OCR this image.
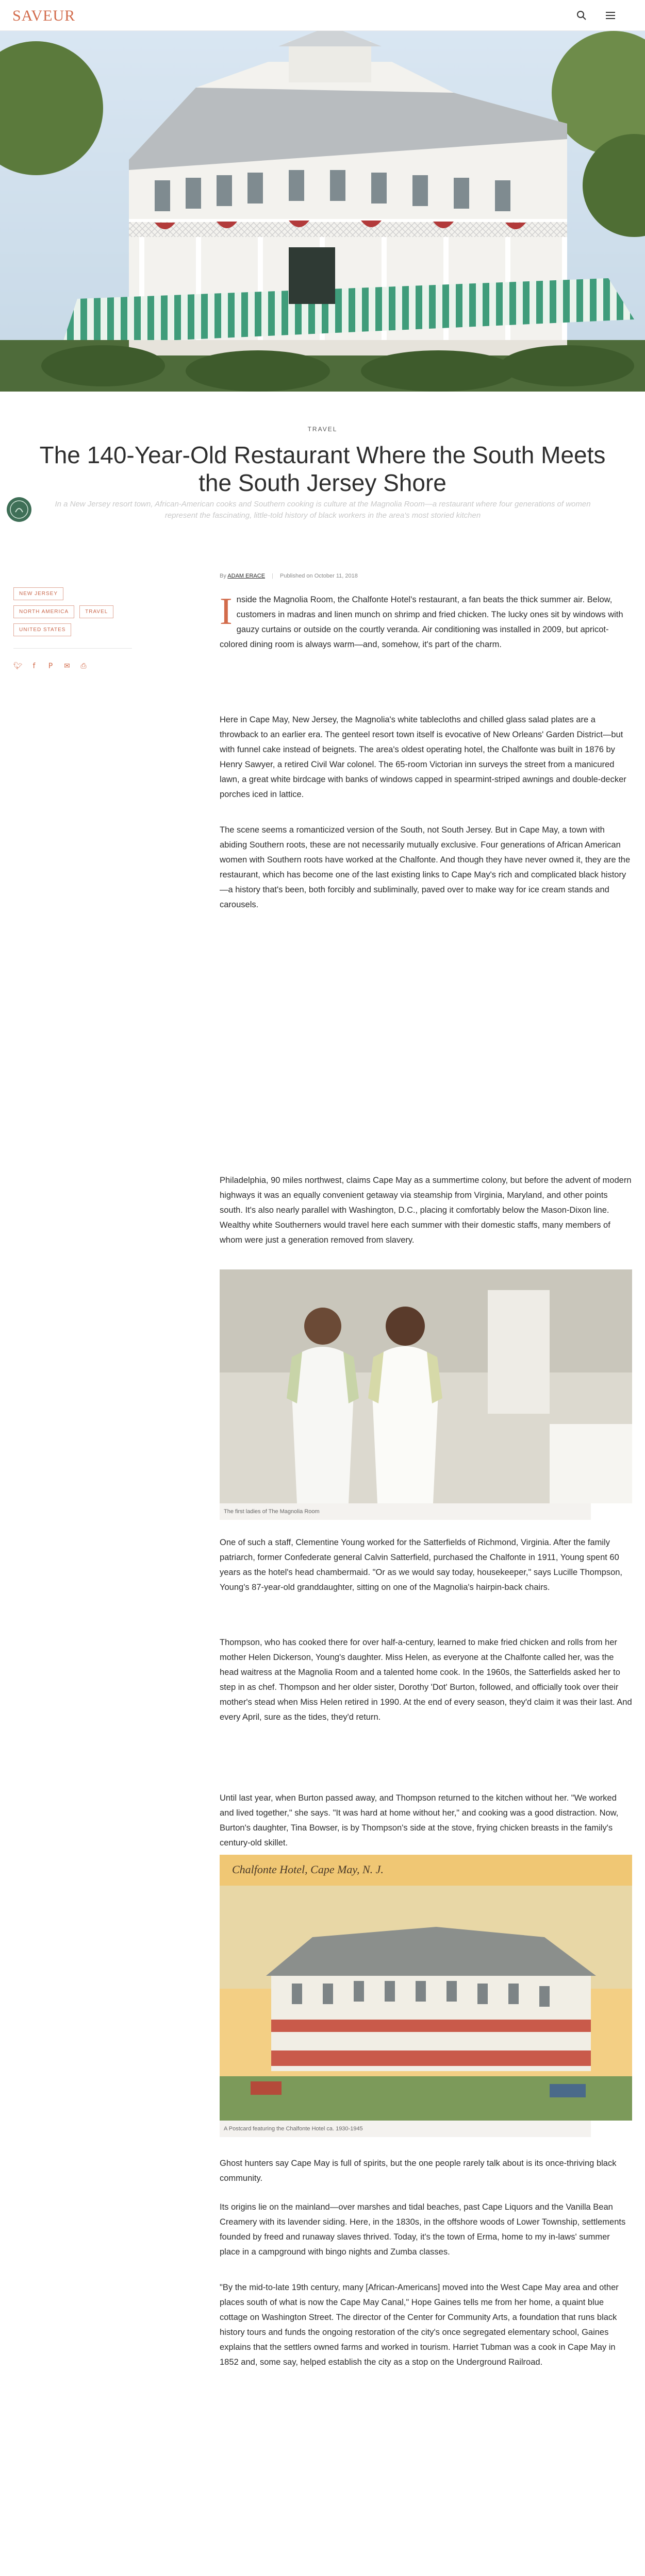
SAVEUR
TRAVEL
The 140-Year-Old Restaurant Where the South Meets the South Jersey Shore

In a New Jersey resort town, African-American cooks and Southern cooking is culture at the Magnolia Room—a restaurant where four generations of women represent the fascinating, little-told history of black workers in the area's most storied kitchen

NEW JERSEY NORTH AMERICA	TRAVEL UNITED STATES
🐦︎ f P ✉ ⎙
By ADAM ERACE | Published on October 11, 2018
Inside the Magnolia Room, the Chalfonte Hotel's restaurant, a fan beats the thick summer air. Below, customers in madras and linen munch on shrimp and fried chicken. The lucky ones sit by windows with gauzy curtains or outside on the courtly veranda. Air conditioning was installed in 2009, but apricot-colored dining room is always warm—and, somehow, it's part of the charm.

Here in Cape May, New Jersey, the Magnolia's white tablecloths and chilled glass salad plates are a throwback to an earlier era. The genteel resort town itself is evocative of New Orleans' Garden District—but with funnel cake instead of beignets. The area's oldest operating hotel, the Chalfonte was built in 1876 by Henry Sawyer, a retired Civil War colonel. The 65-room Victorian inn surveys the street from a manicured lawn, a great white birdcage with banks of windows capped in spearmint-striped awnings and double-decker porches iced in lattice.

The scene seems a romanticized version of the South, not South Jersey. But in Cape May, a town with abiding Southern roots, these are not necessarily mutually exclusive. Four generations of African American women with Southern roots have worked at the Chalfonte. And though they have never owned it, they are the restaurant, which has become one of the last existing links to Cape May's rich and complicated black history—a history that's been, both forcibly and subliminally, paved over to make way for ice cream stands and carousels.

Philadelphia, 90 miles northwest, claims Cape May as a summertime colony, but before the advent of modern highways it was an equally convenient getaway via steamship from Virginia, Maryland, and other points south. It's also nearly parallel with Washington, D.C., placing it comfortably below the Mason-Dixon line. Wealthy white Southerners would travel here each summer with their domestic staffs, many members of whom were just a generation removed from slavery.

The first ladies of The Magnolia Room

One of such a staff, Clementine Young worked for the Satterfields of Richmond, Virginia. After the family patriarch, former Confederate general Calvin Satterfield, purchased the Chalfonte in 1911, Young spent 60 years as the hotel's head chambermaid. "Or as we would say today, housekeeper," says Lucille Thompson, Young's 87-year-old granddaughter, sitting on one of the Magnolia's hairpin-back chairs.

Thompson, who has cooked there for over half-a-century, learned to make fried chicken and rolls from her mother Helen Dickerson, Young's daughter. Miss Helen, as everyone at the Chalfonte called her, was the head waitress at the Magnolia Room and a talented home cook. In the 1960s, the Satterfields asked her to step in as chef. Thompson and her older sister, Dorothy 'Dot' Burton, followed, and officially took over their mother's stead when Miss Helen retired in 1990. At the end of every season, they'd claim it was their last. And every April, sure as the tides, they'd return.

Until last year, when Burton passed away, and Thompson returned to the kitchen without her. "We worked and lived together," she says. "It was hard at home without her," and cooking was a good distraction. Now, Burton's daughter, Tina Bowser, is by Thompson's side at the stove, frying chicken breasts in the family's century-old skillet.

Chalfonte Hotel, Cape May, N. J.

A Postcard featuring the Chalfonte Hotel ca. 1930-1945

Ghost hunters say Cape May is full of spirits, but the one people rarely talk about is its once-thriving black community.

Its origins lie on the mainland—over marshes and tidal beaches, past Cape Liquors and the Vanilla Bean Creamery with its lavender siding. Here, in the 1830s, in the offshore woods of Lower Township, settlements founded by freed and runaway slaves thrived. Today, it's the town of Erma, home to my in-laws' summer place in a campground with bingo nights and Zumba classes.

"By the mid-to-late 19th century, many [African-Americans] moved into the West Cape May area and other places south of what is now the Cape May Canal," Hope Gaines tells me from her home, a quaint blue cottage on Washington Street. The director of the Center for Community Arts, a foundation that runs black history tours and funds the ongoing restoration of the city's once segregated elementary school, Gaines explains that the settlers owned farms and worked in tourism. Harriet Tubman was a cook in Cape May in 1852 and, some say, helped establish the city as a stop on the Underground Railroad.
